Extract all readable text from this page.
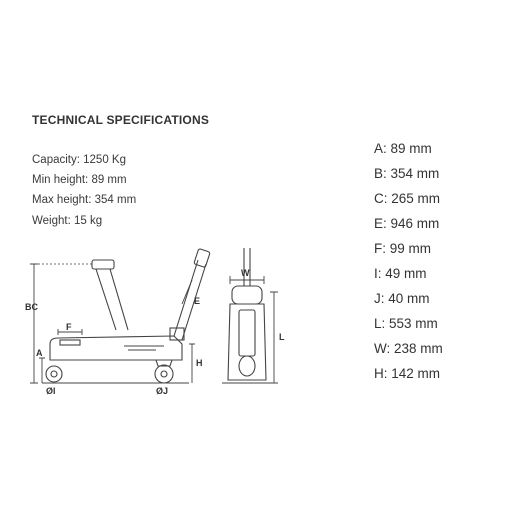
TECHNICAL SPECIFICATIONS
Capacity: 1250 Kg
Min height: 89 mm
Max height: 354 mm
Weight: 15 kg
A: 89 mm
B: 354 mm
C: 265 mm
E: 946 mm
F: 99 mm
I: 49 mm
J: 40 mm
L: 553 mm
W: 238 mm
H: 142 mm
BC
A
F
ØI	ØJ
H
E
W
L
